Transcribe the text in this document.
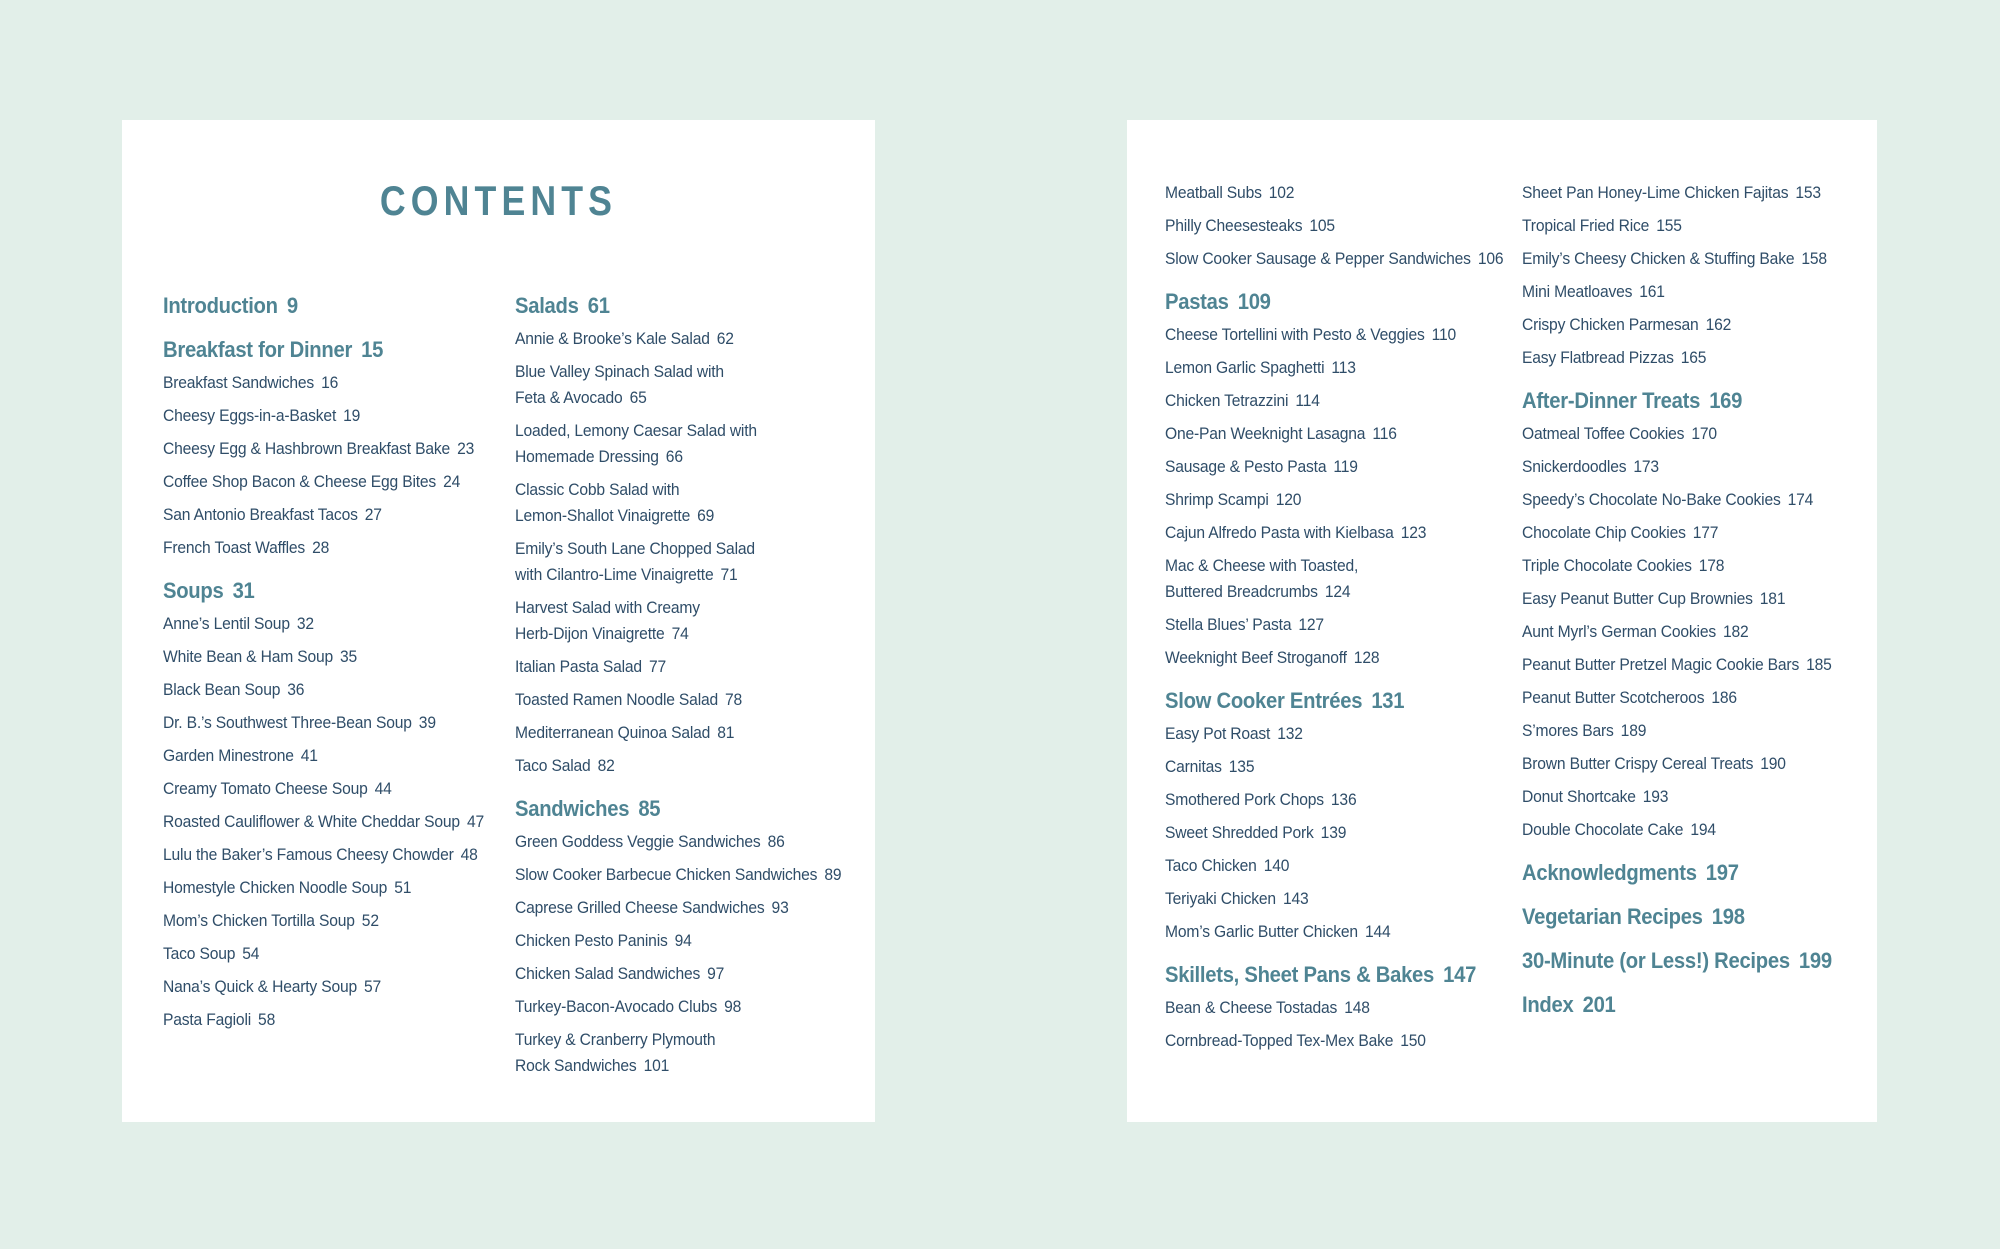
CONTENTS
Introduction 9
Breakfast for Dinner 15
Breakfast Sandwiches 16
Cheesy Eggs-in-a-Basket 19
Cheesy Egg & Hashbrown Breakfast Bake 23
Coffee Shop Bacon & Cheese Egg Bites 24
San Antonio Breakfast Tacos 27
French Toast Waffles 28
Soups 31
Anne’s Lentil Soup 32
White Bean & Ham Soup 35
Black Bean Soup 36
Dr. B.’s Southwest Three-Bean Soup 39
Garden Minestrone 41
Creamy Tomato Cheese Soup 44
Roasted Cauliflower & White Cheddar Soup 47
Lulu the Baker’s Famous Cheesy Chowder 48
Homestyle Chicken Noodle Soup 51
Mom’s Chicken Tortilla Soup 52
Taco Soup 54
Nana’s Quick & Hearty Soup 57
Pasta Fagioli 58
Salads 61
Annie & Brooke’s Kale Salad 62
Blue Valley Spinach Salad with
Feta & Avocado 65
Loaded, Lemony Caesar Salad with
Homemade Dressing 66
Classic Cobb Salad with
Lemon-Shallot Vinaigrette 69
Emily’s South Lane Chopped Salad
with Cilantro-Lime Vinaigrette 71
Harvest Salad with Creamy
Herb-Dijon Vinaigrette 74
Italian Pasta Salad 77
Toasted Ramen Noodle Salad 78
Mediterranean Quinoa Salad 81
Taco Salad 82
Sandwiches 85
Green Goddess Veggie Sandwiches 86
Slow Cooker Barbecue Chicken Sandwiches 89
Caprese Grilled Cheese Sandwiches 93
Chicken Pesto Paninis 94
Chicken Salad Sandwiches 97
Turkey-Bacon-Avocado Clubs 98
Turkey & Cranberry Plymouth
Rock Sandwiches 101
Meatball Subs 102
Philly Cheesesteaks 105
Slow Cooker Sausage & Pepper Sandwiches 106
Pastas 109
Cheese Tortellini with Pesto & Veggies 110
Lemon Garlic Spaghetti 113
Chicken Tetrazzini 114
One-Pan Weeknight Lasagna 116
Sausage & Pesto Pasta 119
Shrimp Scampi 120
Cajun Alfredo Pasta with Kielbasa 123
Mac & Cheese with Toasted,
Buttered Breadcrumbs 124
Stella Blues’ Pasta 127
Weeknight Beef Stroganoff 128
Slow Cooker Entrées 131
Easy Pot Roast 132
Carnitas 135
Smothered Pork Chops 136
Sweet Shredded Pork 139
Taco Chicken 140
Teriyaki Chicken 143
Mom’s Garlic Butter Chicken 144
Skillets, Sheet Pans & Bakes 147
Bean & Cheese Tostadas 148
Cornbread-Topped Tex-Mex Bake 150
Sheet Pan Honey-Lime Chicken Fajitas 153
Tropical Fried Rice 155
Emily’s Cheesy Chicken & Stuffing Bake 158
Mini Meatloaves 161
Crispy Chicken Parmesan 162
Easy Flatbread Pizzas 165
After-Dinner Treats 169
Oatmeal Toffee Cookies 170
Snickerdoodles 173
Speedy’s Chocolate No-Bake Cookies 174
Chocolate Chip Cookies 177
Triple Chocolate Cookies 178
Easy Peanut Butter Cup Brownies 181
Aunt Myrl’s German Cookies 182
Peanut Butter Pretzel Magic Cookie Bars 185
Peanut Butter Scotcheroos 186
S’mores Bars 189
Brown Butter Crispy Cereal Treats 190
Donut Shortcake 193
Double Chocolate Cake 194
Acknowledgments 197
Vegetarian Recipes 198
30-Minute (or Less!) Recipes 199
Index 201
